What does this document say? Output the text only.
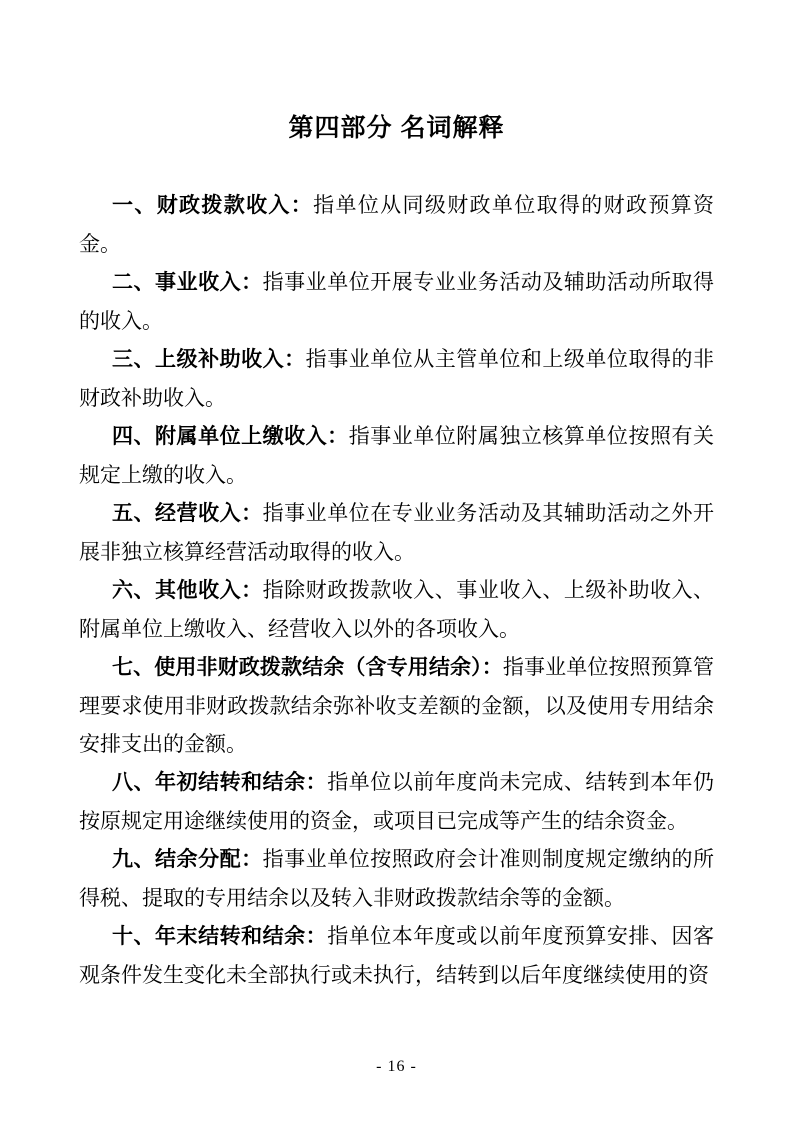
第四部分 名词解释

一、财政拨款收入：指单位从同级财政单位取得的财政预算资金。

二、事业收入：指事业单位开展专业业务活动及辅助活动所取得的收入。

三、上级补助收入：指事业单位从主管单位和上级单位取得的非财政补助收入。

四、附属单位上缴收入：指事业单位附属独立核算单位按照有关规定上缴的收入。

五、经营收入：指事业单位在专业业务活动及其辅助活动之外开展非独立核算经营活动取得的收入。

六、其他收入：指除财政拨款收入、事业收入、上级补助收入、附属单位上缴收入、经营收入以外的各项收入。

七、使用非财政拨款结余（含专用结余）：指事业单位按照预算管理要求使用非财政拨款结余弥补收支差额的金额，以及使用专用结余安排支出的金额。

八、年初结转和结余：指单位以前年度尚未完成、结转到本年仍按原规定用途继续使用的资金，或项目已完成等产生的结余资金。

九、结余分配：指事业单位按照政府会计准则制度规定缴纳的所得税、提取的专用结余以及转入非财政拨款结余等的金额。

十、年末结转和结余：指单位本年度或以前年度预算安排、因客观条件发生变化未全部执行或未执行，结转到以后年度继续使用的资

- 16 -
